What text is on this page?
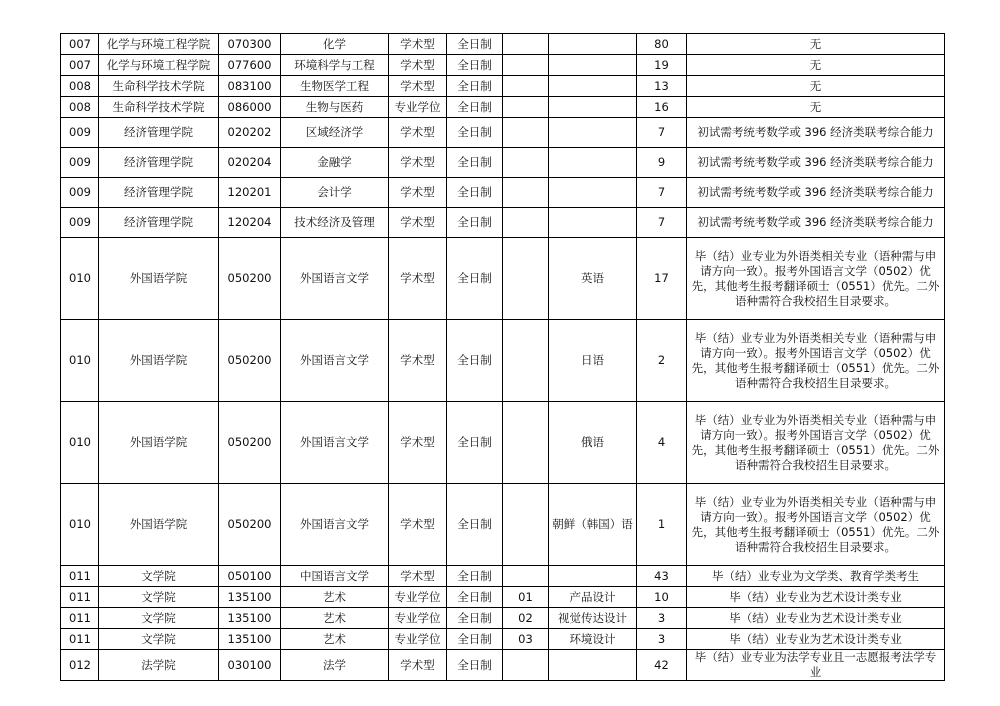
007	化学与环境工程学院	070300	化学	学术型	全日制			80	无
007	化学与环境工程学院	077600	环境科学与工程	学术型	全日制			19	无
008	生命科学技术学院	083100	生物医学工程	学术型	全日制			13	无
008	生命科学技术学院	086000	生物与医药	专业学位	全日制			16	无
009	经济管理学院	020202	区域经济学	学术型	全日制			7	初试需考统考数学或 396 经济类联考综合能力
009	经济管理学院	020204	金融学	学术型	全日制			9	初试需考统考数学或 396 经济类联考综合能力
009	经济管理学院	120201	会计学	学术型	全日制			7	初试需考统考数学或 396 经济类联考综合能力
009	经济管理学院	120204	技术经济及管理	学术型	全日制			7	初试需考统考数学或 396 经济类联考综合能力
010	外国语学院	050200	外国语言文学	学术型	全日制		英语	17	毕（结）业专业为外语类相关专业（语种需与申请方向一致）。报考外国语言文学（0502）优先，其他考生报考翻译硕士（0551）优先。二外语种需符合我校招生目录要求。
010	外国语学院	050200	外国语言文学	学术型	全日制		日语	2	毕（结）业专业为外语类相关专业（语种需与申请方向一致）。报考外国语言文学（0502）优先，其他考生报考翻译硕士（0551）优先。二外语种需符合我校招生目录要求。
010	外国语学院	050200	外国语言文学	学术型	全日制		俄语	4	毕（结）业专业为外语类相关专业（语种需与申请方向一致）。报考外国语言文学（0502）优先，其他考生报考翻译硕士（0551）优先。二外语种需符合我校招生目录要求。
010	外国语学院	050200	外国语言文学	学术型	全日制		朝鲜（韩国）语	1	毕（结）业专业为外语类相关专业（语种需与申请方向一致）。报考外国语言文学（0502）优先，其他考生报考翻译硕士（0551）优先。二外语种需符合我校招生目录要求。
011	文学院	050100	中国语言文学	学术型	全日制			43	毕（结）业专业为文学类、教育学类考生
011	文学院	135100	艺术	专业学位	全日制	01	产品设计	10	毕（结）业专业为艺术设计类专业
011	文学院	135100	艺术	专业学位	全日制	02	视觉传达设计	3	毕（结）业专业为艺术设计类专业
011	文学院	135100	艺术	专业学位	全日制	03	环境设计	3	毕（结）业专业为艺术设计类专业
012	法学院	030100	法学	学术型	全日制			42	毕（结）业专业为法学专业且一志愿报考法学专业
